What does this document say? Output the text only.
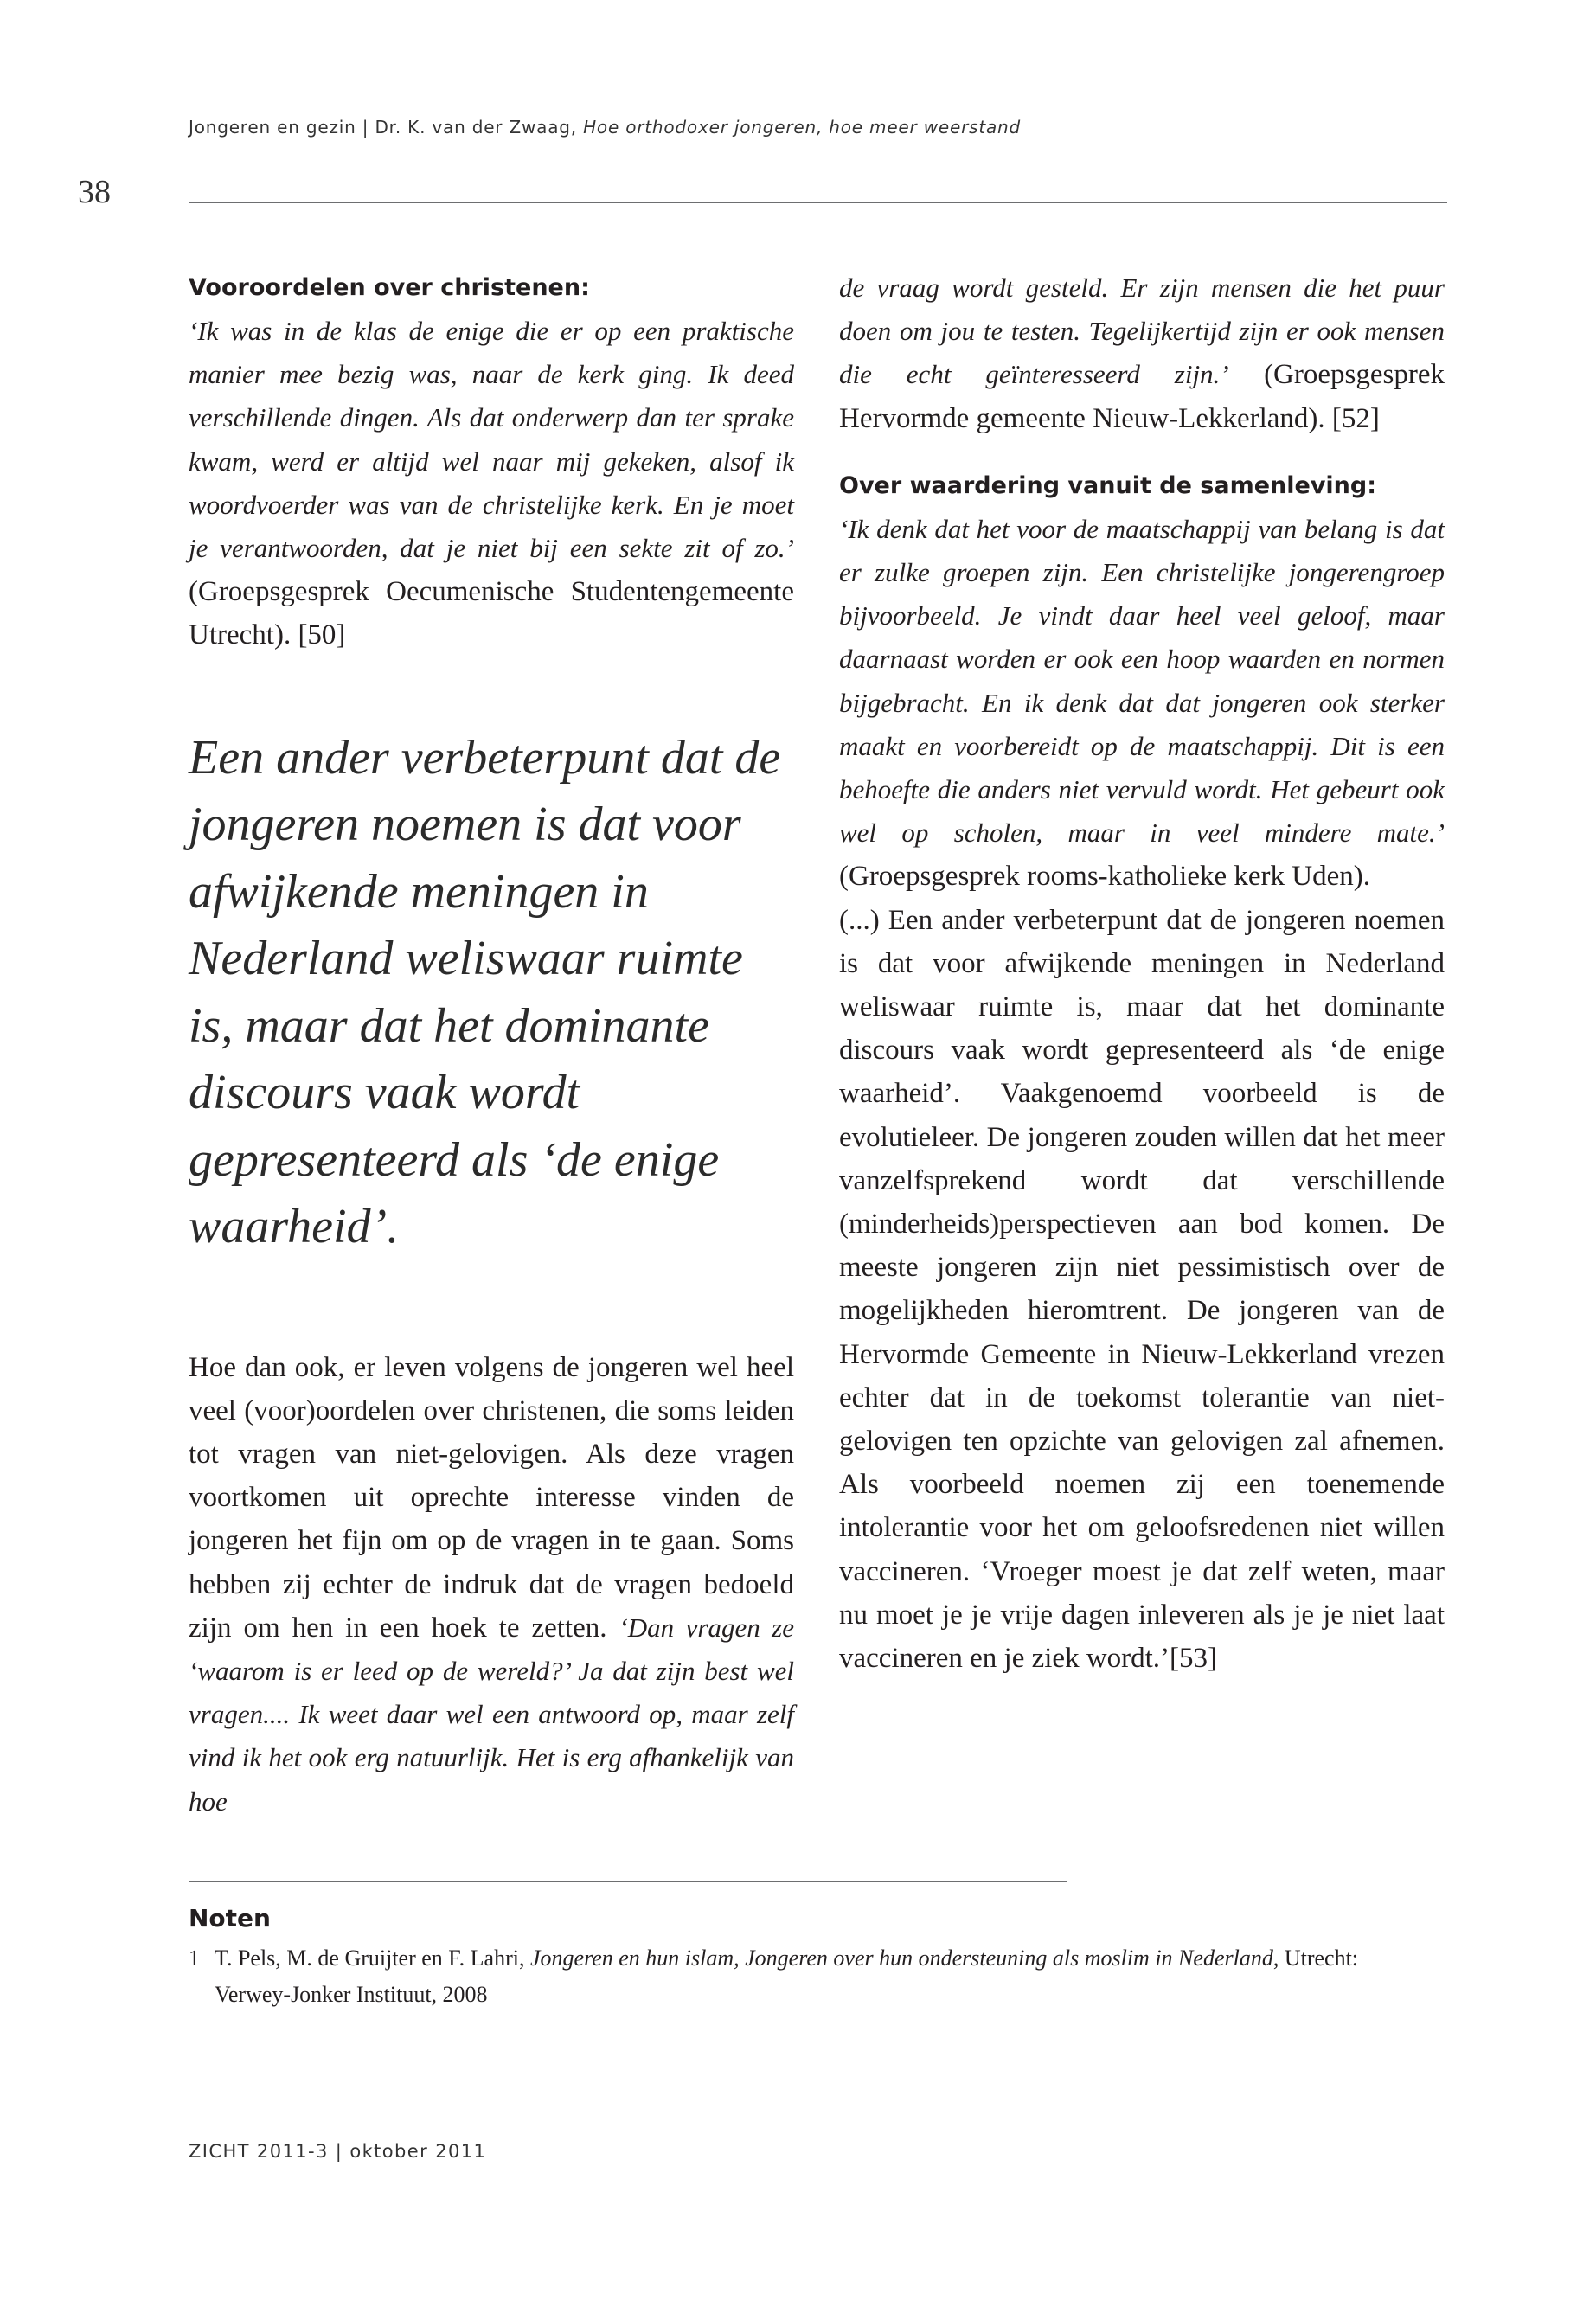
Jongeren en gezin | Dr. K. van der Zwaag, Hoe orthodoxer jongeren, hoe meer weerstand
38
Vooroordelen over christenen:

‘Ik was in de klas de enige die er op een praktische manier mee bezig was, naar de kerk ging. Ik deed verschillende dingen. Als dat onderwerp dan ter sprake kwam, werd er altijd wel naar mij gekeken, alsof ik woordvoerder was van de christelijke kerk. En je moet je verantwoorden, dat je niet bij een sekte zit of zo.’ (Groepsgesprek Oecumenische Studentengemeente Utrecht). [50]

Een ander verbeterpunt dat de jongeren noemen is dat voor afwijkende meningen in Nederland weliswaar ruimte is, maar dat het dominante discours vaak wordt gepresenteerd als ‘de enige waarheid’.

Hoe dan ook, er leven volgens de jongeren wel heel veel (voor)oordelen over christenen, die soms leiden tot vragen van niet-gelovigen. Als deze vragen voortkomen uit oprechte interesse vinden de jongeren het fijn om op de vragen in te gaan. Soms hebben zij echter de indruk dat de vragen bedoeld zijn om hen in een hoek te zetten. ‘Dan vragen ze ‘waarom is er leed op de wereld?’ Ja dat zijn best wel vragen.... Ik weet daar wel een antwoord op, maar zelf vind ik het ook erg natuurlijk. Het is erg afhankelijk van hoe

de vraag wordt gesteld. Er zijn mensen die het puur doen om jou te testen. Tegelijkertijd zijn er ook mensen die echt geïnteresseerd zijn.’ (Groepsgesprek Hervormde gemeente Nieuw-Lekkerland). [52]

Over waardering vanuit de samenleving:

‘Ik denk dat het voor de maatschappij van belang is dat er zulke groepen zijn. Een christelijke jongerengroep bijvoorbeeld. Je vindt daar heel veel geloof, maar daarnaast worden er ook een hoop waarden en normen bijgebracht. En ik denk dat dat jongeren ook sterker maakt en voorbereidt op de maatschappij. Dit is een behoefte die anders niet vervuld wordt. Het gebeurt ook wel op scholen, maar in veel mindere mate.’ (Groepsgesprek rooms-katholieke kerk Uden).

(...) Een ander verbeterpunt dat de jongeren noemen is dat voor afwijkende meningen in Nederland weliswaar ruimte is, maar dat het dominante discours vaak wordt gepresenteerd als ‘de enige waarheid’. Vaakgenoemd voorbeeld is de evolutieleer. De jongeren zouden willen dat het meer vanzelfsprekend wordt dat verschillende (minderheids)perspectieven aan bod komen. De meeste jongeren zijn niet pessimistisch over de mogelijkheden hieromtrent. De jongeren van de Hervormde Gemeente in Nieuw-Lekkerland vrezen echter dat in de toekomst tolerantie van niet-gelovigen ten opzichte van gelovigen zal afnemen. Als voorbeeld noemen zij een toenemende intolerantie voor het om geloofsredenen niet willen vaccineren. ‘Vroeger moest je dat zelf weten, maar nu moet je je vrije dagen inleveren als je je niet laat vaccineren en je ziek wordt.’[53]

Noten
1 T. Pels, M. de Gruijter en F. Lahri, Jongeren en hun islam, Jongeren over hun ondersteuning als moslim in Nederland, Utrecht:
Verwey-Jonker Instituut, 2008
ZICHT 2011-3 | oktober 2011
